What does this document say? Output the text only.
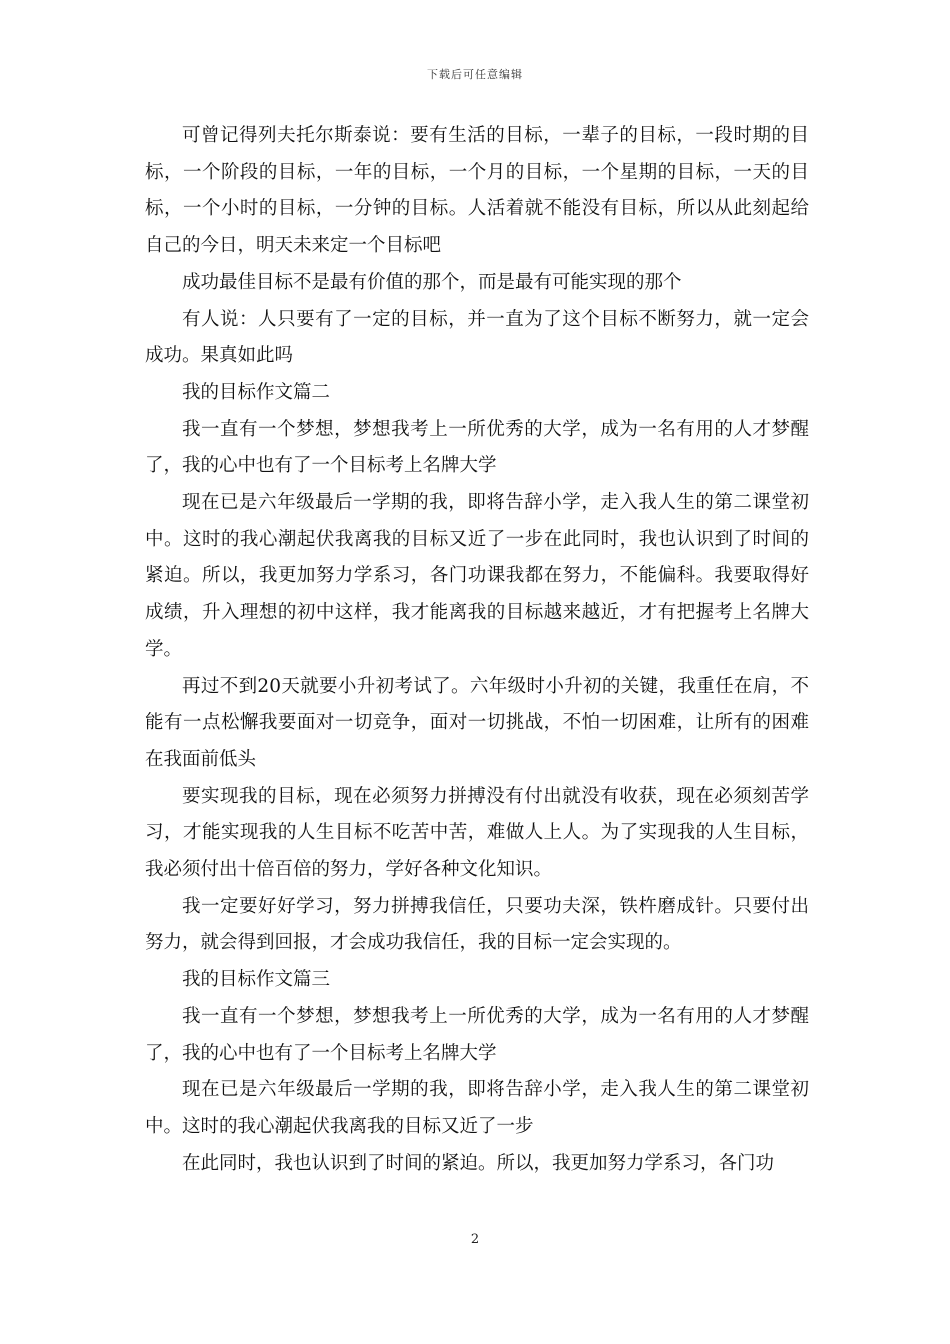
下载后可任意编辑

可曾记得列夫托尔斯泰说：要有生活的目标，一辈子的目标，一段时期的目标，一个阶段的目标，一年的目标，一个月的目标，一个星期的目标，一天的目标，一个小时的目标，一分钟的目标。人活着就不能没有目标，所以从此刻起给自己的今日，明天未来定一个目标吧

成功最佳目标不是最有价值的那个，而是最有可能实现的那个

有人说：人只要有了一定的目标，并一直为了这个目标不断努力，就一定会成功。果真如此吗

我的目标作文篇二

我一直有一个梦想，梦想我考上一所优秀的大学，成为一名有用的人才梦醒了，我的心中也有了一个目标考上名牌大学

现在已是六年级最后一学期的我，即将告辞小学，走入我人生的第二课堂初中。这时的我心潮起伏我离我的目标又近了一步在此同时，我也认识到了时间的紧迫。所以，我更加努力学系习，各门功课我都在努力，不能偏科。我要取得好成绩，升入理想的初中这样，我才能离我的目标越来越近，才有把握考上名牌大学。

再过不到20天就要小升初考试了。六年级时小升初的关键，我重任在肩，不能有一点松懈我要面对一切竞争，面对一切挑战，不怕一切困难，让所有的困难在我面前低头

要实现我的目标，现在必须努力拼搏没有付出就没有收获，现在必须刻苦学习，才能实现我的人生目标不吃苦中苦，难做人上人。为了实现我的人生目标，我必须付出十倍百倍的努力，学好各种文化知识。

我一定要好好学习，努力拼搏我信任，只要功夫深，铁杵磨成针。只要付出努力，就会得到回报，才会成功我信任，我的目标一定会实现的。

我的目标作文篇三

我一直有一个梦想，梦想我考上一所优秀的大学，成为一名有用的人才梦醒了，我的心中也有了一个目标考上名牌大学

现在已是六年级最后一学期的我，即将告辞小学，走入我人生的第二课堂初中。这时的我心潮起伏我离我的目标又近了一步

在此同时，我也认识到了时间的紧迫。所以，我更加努力学系习，各门功

2
